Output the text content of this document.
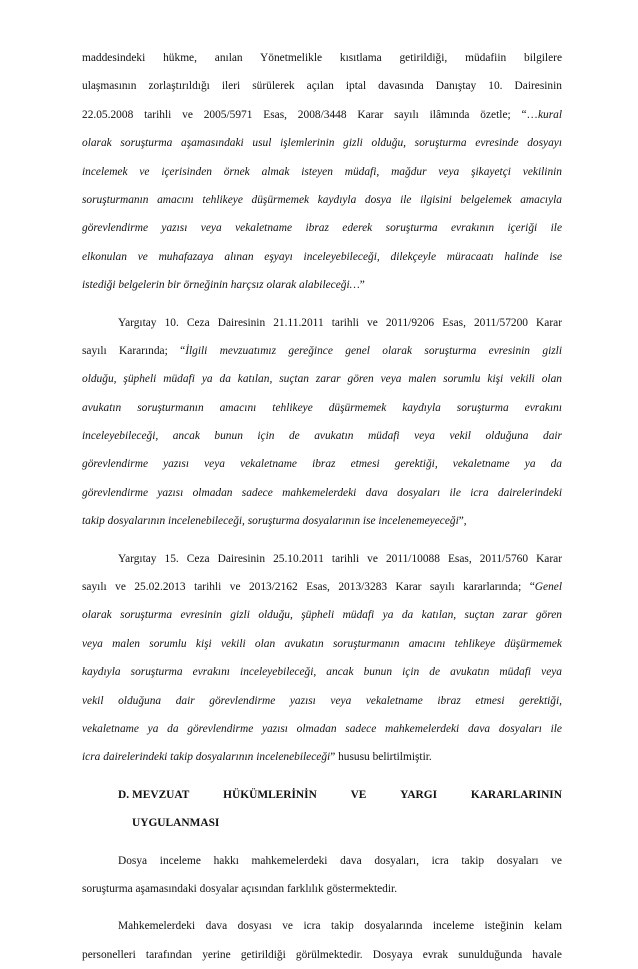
maddesindeki hükme, anılan Yönetmelikle kısıtlama getirildiği, müdafiin bilgilere
ulaşmasının zorlaştırıldığı ileri sürülerek açılan iptal davasında Danıştay 10. Dairesinin
22.05.2008 tarihli ve 2005/5971 Esas, 2008/3448 Karar sayılı ilâmında özetle; “…kural
olarak soruşturma aşamasındaki usul işlemlerinin gizli olduğu, soruşturma evresinde dosyayı
incelemek ve içerisinden örnek almak isteyen müdafi, mağdur veya şikayetçi vekilinin
soruşturmanın amacını tehlikeye düşürmemek kaydıyla dosya ile ilgisini belgelemek amacıyla
görevlendirme yazısı veya vekaletname ibraz ederek soruşturma evrakının içeriği ile
elkonulan ve muhafazaya alınan eşyayı inceleyebileceği, dilekçeyle müracaatı halinde ise
istediği belgelerin bir örneğinin harçsız olarak alabileceği…”
Yargıtay 10. Ceza Dairesinin 21.11.2011 tarihli ve 2011/9206 Esas, 2011/57200 Karar
sayılı Kararında; “İlgili mevzuatımız gereğince genel olarak soruşturma evresinin gizli
olduğu, şüpheli müdafi ya da katılan, suçtan zarar gören veya malen sorumlu kişi vekili olan
avukatın soruşturmanın amacını tehlikeye düşürmemek kaydıyla soruşturma evrakını
inceleyebileceği, ancak bunun için de avukatın müdafi veya vekil olduğuna dair
görevlendirme yazısı veya vekaletname ibraz etmesi gerektiği, vekaletname ya da
görevlendirme yazısı olmadan sadece mahkemelerdeki dava dosyaları ile icra dairelerindeki
takip dosyalarının incelenebileceği, soruşturma dosyalarının ise incelenemeyeceği”,
Yargıtay 15. Ceza Dairesinin 25.10.2011 tarihli ve 2011/10088 Esas, 2011/5760 Karar
sayılı ve 25.02.2013 tarihli ve 2013/2162 Esas, 2013/3283 Karar sayılı kararlarında; “Genel
olarak soruşturma evresinin gizli olduğu, şüpheli müdafi ya da katılan, suçtan zarar gören
veya malen sorumlu kişi vekili olan avukatın soruşturmanın amacını tehlikeye düşürmemek
kaydıyla soruşturma evrakını inceleyebileceği, ancak bunun için de avukatın müdafi veya
vekil olduğuna dair görevlendirme yazısı veya vekaletname ibraz etmesi gerektiği,
vekaletname ya da görevlendirme yazısı olmadan sadece mahkemelerdeki dava dosyaları ile
icra dairelerindeki takip dosyalarının incelenebileceği” hususu belirtilmiştir.
D. MEVZUAT	HÜKÜMLERİNİN	VE	YARGI	KARARLARININ
UYGULANMASI
Dosya inceleme hakkı mahkemelerdeki dava dosyaları, icra takip dosyaları ve
soruşturma aşamasındaki dosyalar açısından farklılık göstermektedir.
Mahkemelerdeki dava dosyası ve icra takip dosyalarında inceleme isteğinin kelam
personelleri tarafından yerine getirildiği görülmektedir. Dosyaya evrak sunulduğunda havale
